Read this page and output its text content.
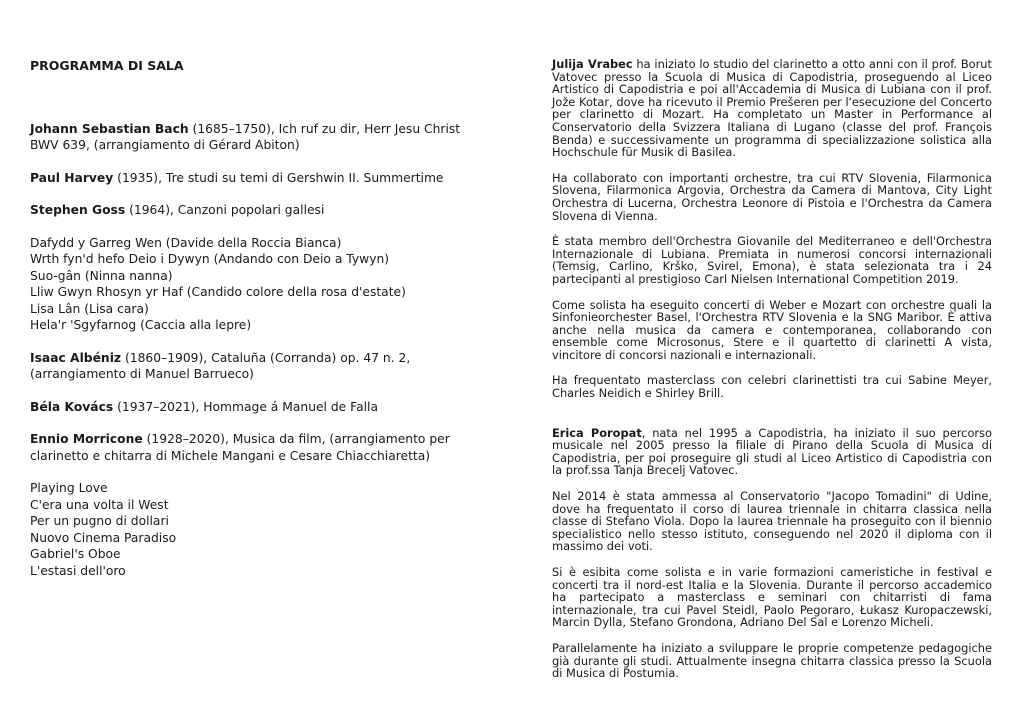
PROGRAMMA DI SALA
Johann Sebastian Bach (1685–1750), Ich ruf zu dir, Herr Jesu Christ BWV 639, (arrangiamento di Gérard Abiton)
Paul Harvey (1935), Tre studi su temi di Gershwin II. Summertime
Stephen Goss (1964), Canzoni popolari gallesi
Dafydd y Garreg Wen (Davide della Roccia Bianca)
Wrth fyn'd hefo Deio i Dywyn (Andando con Deio a Tywyn)
Suo-gân (Ninna nanna)
Lliw Gwyn Rhosyn yr Haf (Candido colore della rosa d'estate)
Lisa Lân (Lisa cara)
Hela'r 'Sgyfarnog (Caccia alla lepre)
Isaac Albéniz (1860–1909), Cataluña (Corranda) op. 47 n. 2, (arrangiamento di Manuel Barrueco)
Béla Kovács (1937–2021), Hommage á Manuel de Falla
Ennio Morricone (1928–2020), Musica da film, (arrangiamento per clarinetto e chitarra di Michele Mangani e Cesare Chiacchiaretta)
Playing Love
C'era una volta il West
Per un pugno di dollari
Nuovo Cinema Paradiso
Gabriel's Oboe
L'estasi dell'oro

Julija Vrabec ha iniziato lo studio del clarinetto a otto anni con il prof. Borut Vatovec presso la Scuola di Musica di Capodistria, proseguendo al Liceo Artistico di Capodistria e poi all'Accademia di Musica di Lubiana con il prof. Jože Kotar, dove ha ricevuto il Premio Prešeren per l'esecuzione del Concerto per clarinetto di Mozart. Ha completato un Master in Performance al Conservatorio della Svizzera Italiana di Lugano (classe del prof. François Benda) e successivamente un programma di specializzazione solistica alla Hochschule für Musik di Basilea.

Ha collaborato con importanti orchestre, tra cui RTV Slovenia, Filarmonica Slovena, Filarmonica Argovia, Orchestra da Camera di Mantova, City Light Orchestra di Lucerna, Orchestra Leonore di Pistoia e l'Orchestra da Camera Slovena di Vienna.

È stata membro dell'Orchestra Giovanile del Mediterraneo e dell'Orchestra Internazionale di Lubiana. Premiata in numerosi concorsi internazionali (Temsig, Carlino, Krško, Svirel, Emona), è stata selezionata tra i 24 partecipanti al prestigioso Carl Nielsen International Competition 2019.

Come solista ha eseguito concerti di Weber e Mozart con orchestre quali la Sinfonieorchester Basel, l'Orchestra RTV Slovenia e la SNG Maribor. È attiva anche nella musica da camera e contemporanea, collaborando con ensemble come Microsonus, Stere e il quartetto di clarinetti A vista, vincitore di concorsi nazionali e internazionali.

Ha frequentato masterclass con celebri clarinettisti tra cui Sabine Meyer, Charles Neidich e Shirley Brill.

Erica Poropat, nata nel 1995 a Capodistria, ha iniziato il suo percorso musicale nel 2005 presso la filiale di Pirano della Scuola di Musica di Capodistria, per poi proseguire gli studi al Liceo Artistico di Capodistria con la prof.ssa Tanja Brecelj Vatovec.

Nel 2014 è stata ammessa al Conservatorio "Jacopo Tomadini" di Udine, dove ha frequentato il corso di laurea triennale in chitarra classica nella classe di Stefano Viola. Dopo la laurea triennale ha proseguito con il biennio specialistico nello stesso istituto, conseguendo nel 2020 il diploma con il massimo dei voti.

Si è esibita come solista e in varie formazioni cameristiche in festival e concerti tra il nord-est Italia e la Slovenia. Durante il percorso accademico ha partecipato a masterclass e seminari con chitarristi di fama internazionale, tra cui Pavel Steidl, Paolo Pegoraro, Łukasz Kuropaczewski, Marcin Dylla, Stefano Grondona, Adriano Del Sal e Lorenzo Micheli.

Parallelamente ha iniziato a sviluppare le proprie competenze pedagogiche già durante gli studi. Attualmente insegna chitarra classica presso la Scuola di Musica di Postumia.
